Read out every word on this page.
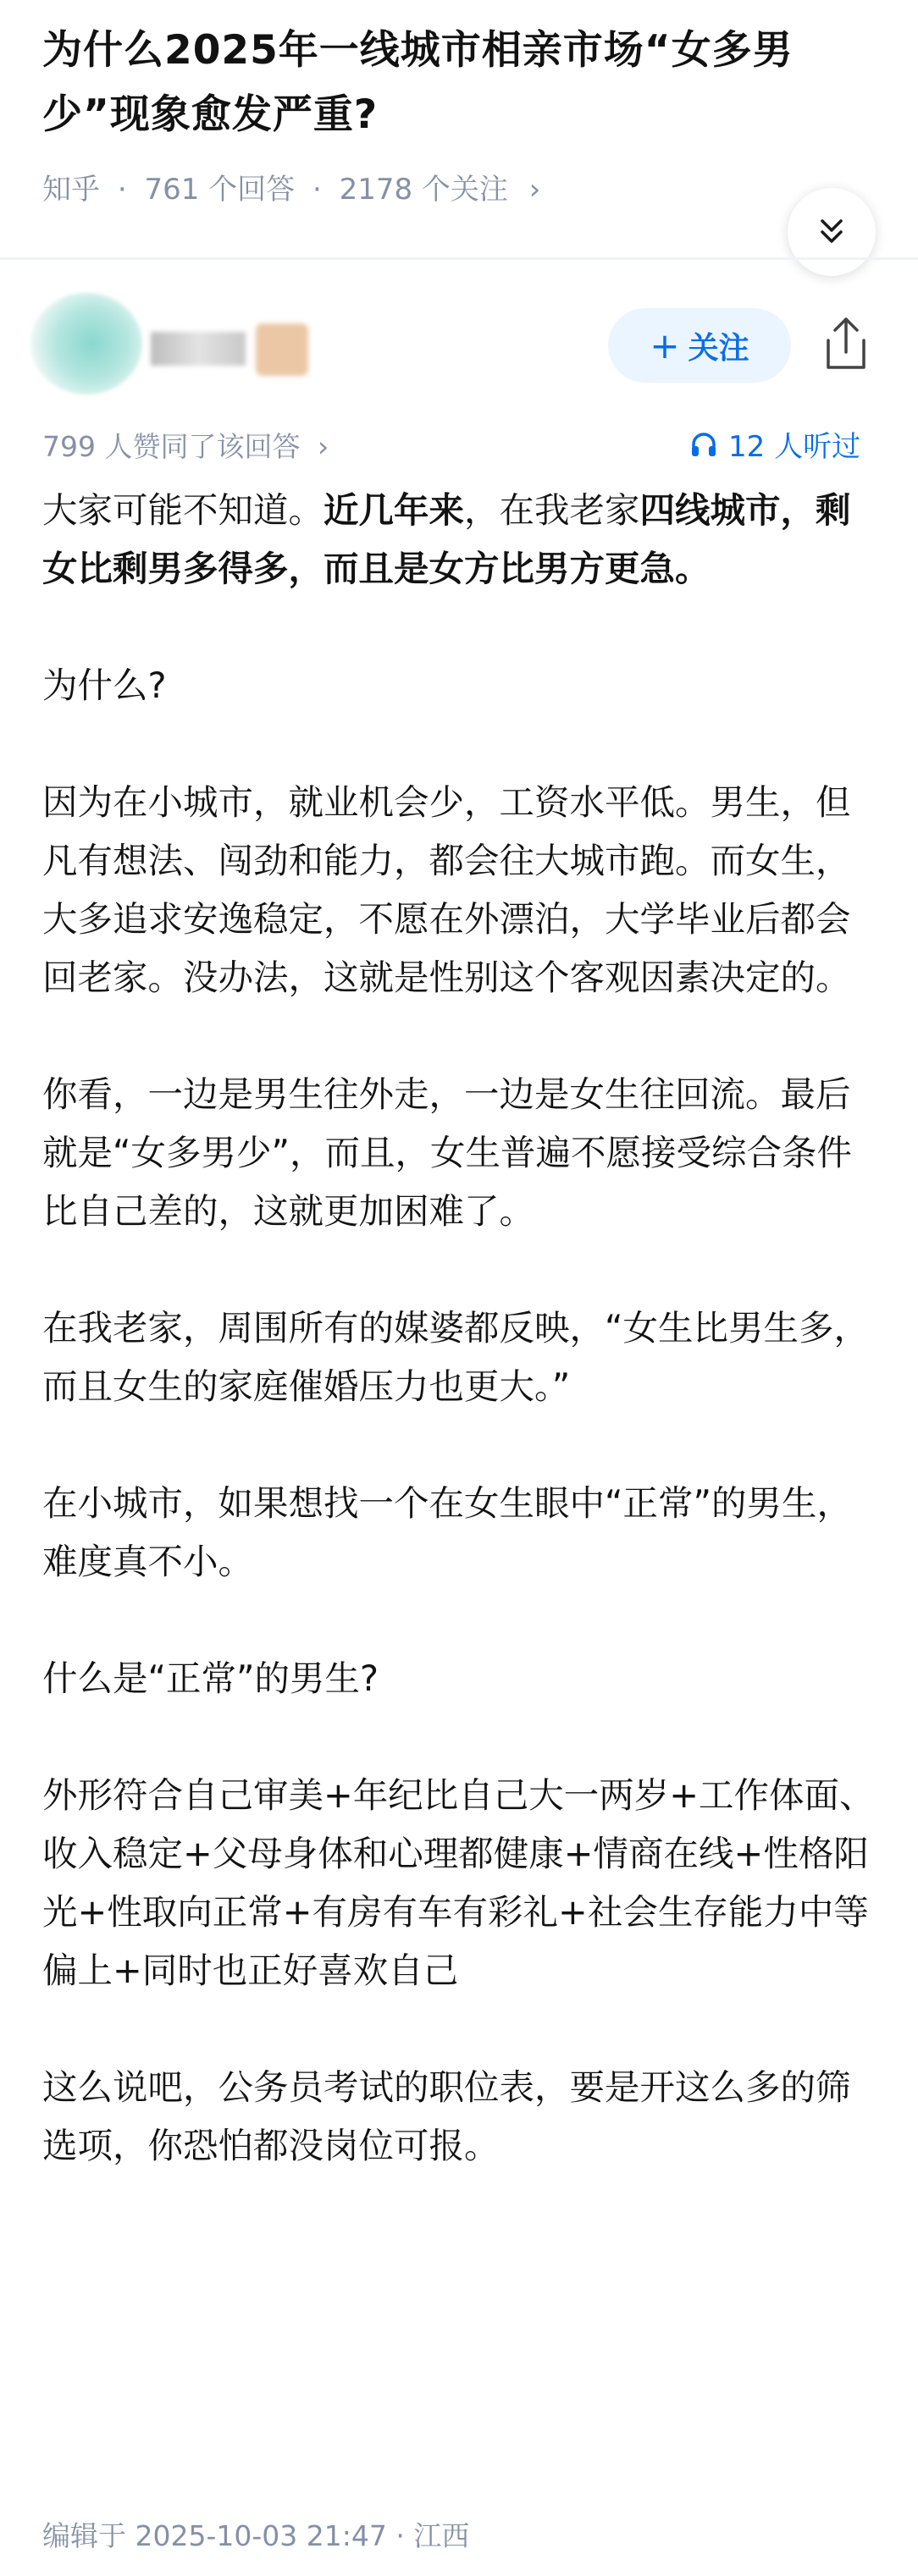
为什么2025年一线城市相亲市场“女多男少”现象愈发严重?
知乎 · 761 个回答 · 2178 个关注 ›
+ 关注
799 人赞同了该回答 ›	12 人听过

大家可能不知道。近几年来，在我老家四线城市，剩女比剩男多得多，而且是女方比男方更急。

为什么?

因为在小城市，就业机会少，工资水平低。男生，但凡有想法、闯劲和能力，都会往大城市跑。而女生，大多追求安逸稳定，不愿在外漂泊，大学毕业后都会回老家。没办法，这就是性别这个客观因素决定的。

你看，一边是男生往外走，一边是女生往回流。最后就是“女多男少”，而且，女生普遍不愿接受综合条件比自己差的，这就更加困难了。

在我老家，周围所有的媒婆都反映，“女生比男生多，而且女生的家庭催婚压力也更大。”

在小城市，如果想找一个在女生眼中“正常”的男生，难度真不小。

什么是“正常”的男生?

外形符合自己审美+年纪比自己大一两岁+工作体面、收入稳定+父母身体和心理都健康+情商在线+性格阳光+性取向正常+有房有车有彩礼+社会生存能力中等偏上+同时也正好喜欢自己

这么说吧，公务员考试的职位表，要是开这么多的筛选项，你恐怕都没岗位可报。

编辑于 2025-10-03 21:47 · 江西
